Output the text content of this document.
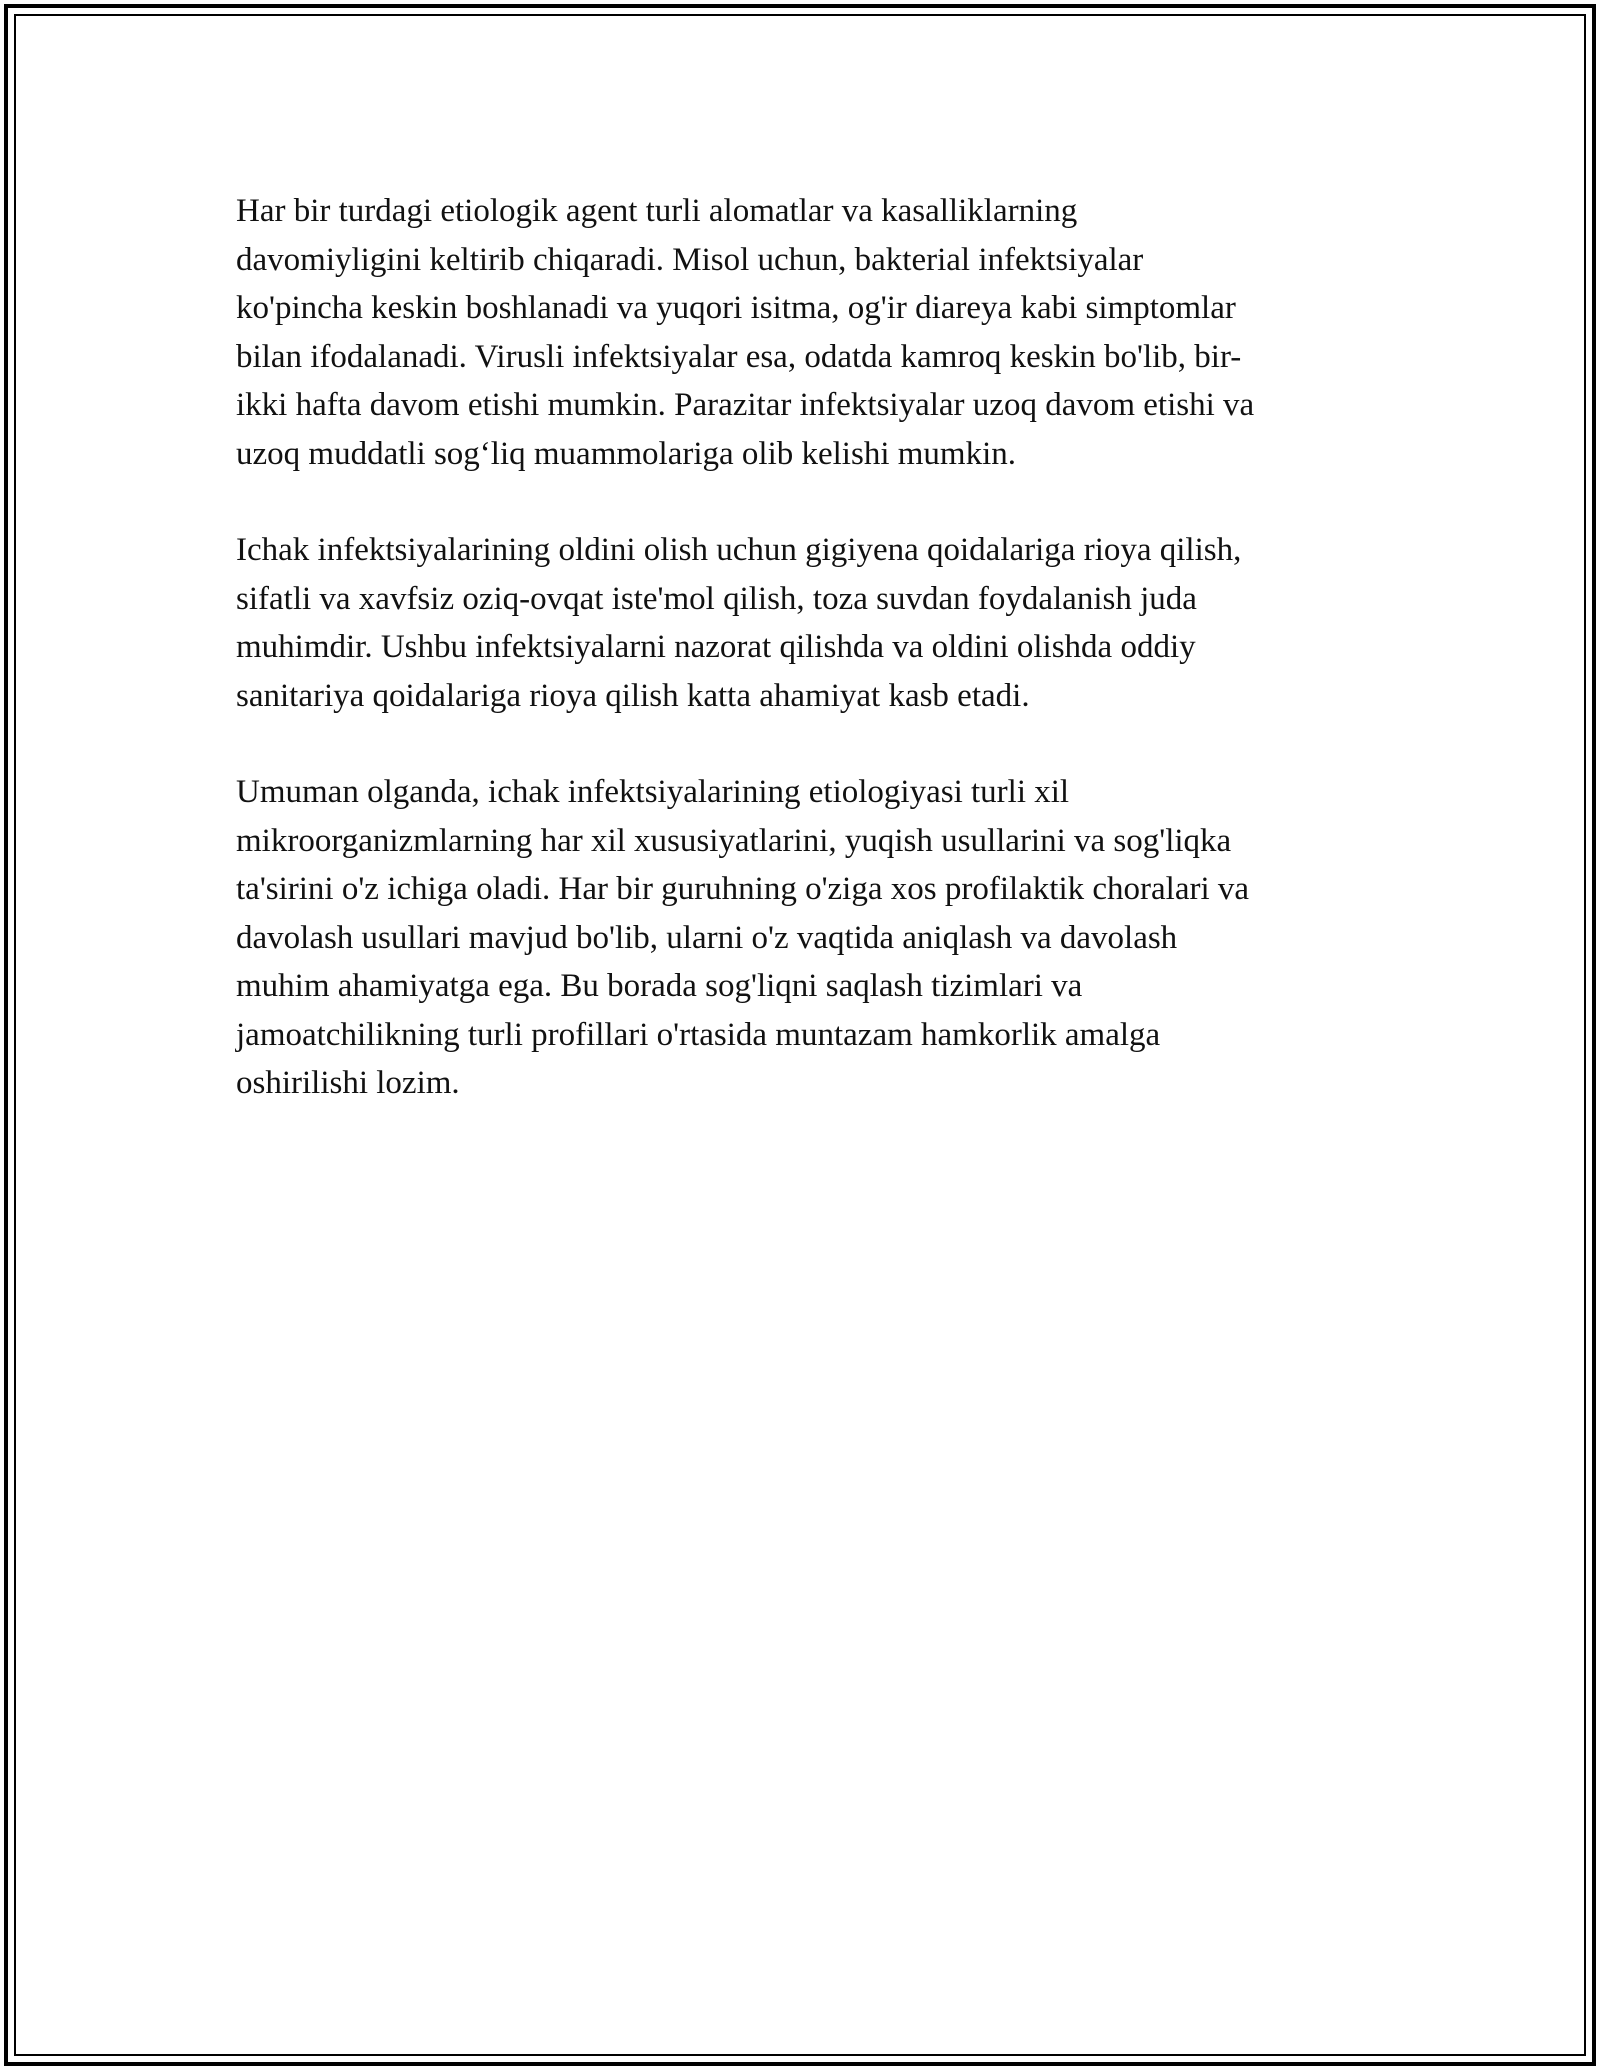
Har bir turdagi etiologik agent turli alomatlar va kasalliklarning
davomiyligini keltirib chiqaradi. Misol uchun, bakterial infektsiyalar
ko'pincha keskin boshlanadi va yuqori isitma, og'ir diareya kabi simptomlar
bilan ifodalanadi. Virusli infektsiyalar esa, odatda kamroq keskin bo'lib, bir-
ikki hafta davom etishi mumkin. Parazitar infektsiyalar uzoq davom etishi va
uzoq muddatli sog‘liq muammolariga olib kelishi mumkin.

Ichak infektsiyalarining oldini olish uchun gigiyena qoidalariga rioya qilish,
sifatli va xavfsiz oziq-ovqat iste'mol qilish, toza suvdan foydalanish juda
muhimdir. Ushbu infektsiyalarni nazorat qilishda va oldini olishda oddiy
sanitariya qoidalariga rioya qilish katta ahamiyat kasb etadi.

Umuman olganda, ichak infektsiyalarining etiologiyasi turli xil
mikroorganizmlarning har xil xususiyatlarini, yuqish usullarini va sog'liqka
ta'sirini o'z ichiga oladi. Har bir guruhning o'ziga xos profilaktik choralari va
davolash usullari mavjud bo'lib, ularni o'z vaqtida aniqlash va davolash
muhim ahamiyatga ega. Bu borada sog'liqni saqlash tizimlari va
jamoatchilikning turli profillari o'rtasida muntazam hamkorlik amalga
oshirilishi lozim.
